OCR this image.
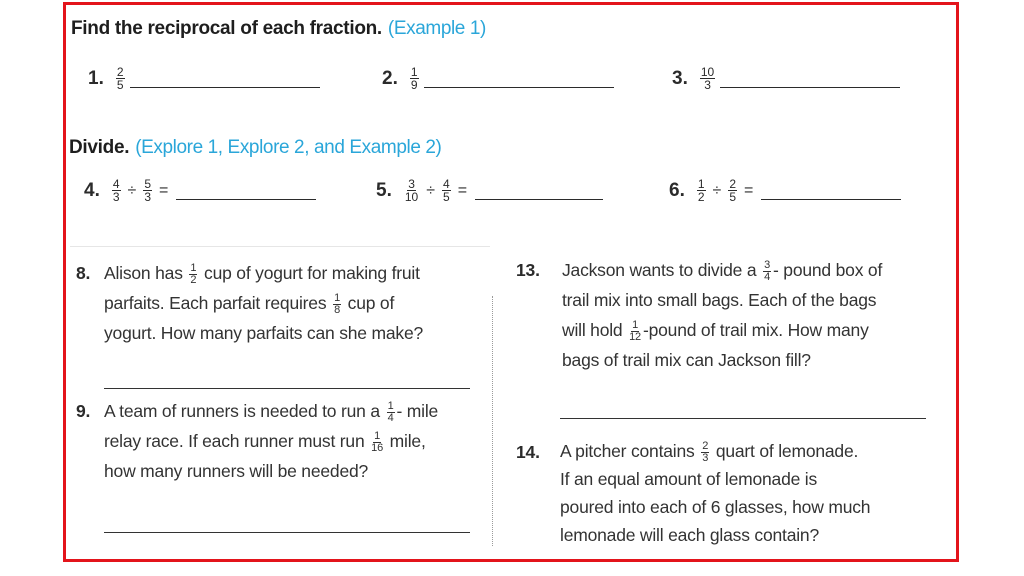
Find the reciprocal of each fraction. (Example 1)
1. $\frac{2}{5}$	2. $\frac{1}{9}$	3. $\frac{10}{3}$
Divide. (Explore 1, Explore 2, and Example 2)
4. $\frac{4}{3} \div \frac{5}{3}$ =	5. $\frac{3}{10} \div \frac{4}{5}$ =	6. $\frac{1}{2} \div \frac{2}{5}$ =
8. Alison has $\frac{1}{2}$ cup of yogurt for making fruit
parfaits. Each parfait requires $\frac{1}{8}$ cup of
yogurt. How many parfaits can she make?
9. A team of runners is needed to run a $\frac{1}{4}$ - mile
relay race. If each runner must run $\frac{1}{16}$ mile,
how many runners will be needed?
13. Jackson wants to divide a $\frac{3}{4}$ - pound box of
trail mix into small bags. Each of the bags
will hold $\frac{1}{12}$ -pound of trail mix. How many
bags of trail mix can Jackson fill?
14. A pitcher contains $\frac{2}{3}$ quart of lemonade.
If an equal amount of lemonade is
poured into each of 6 glasses, how much
lemonade will each glass contain?
